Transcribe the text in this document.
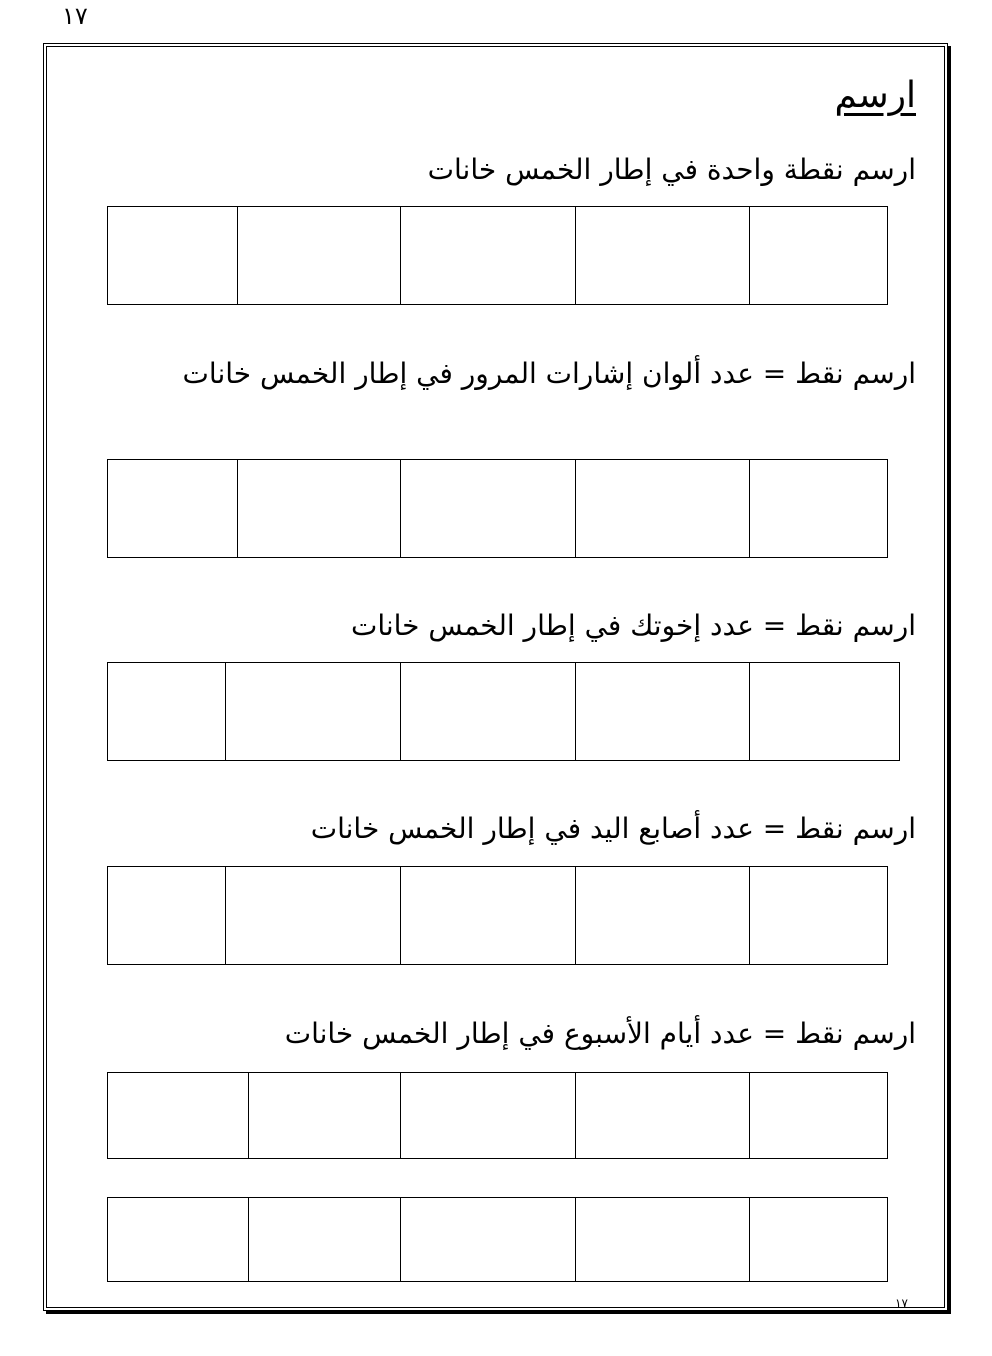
١٧
ارسم
ارسم نقطة واحدة في إطار الخمس خانات
ارسم نقط = عدد ألوان إشارات المرور في إطار الخمس خانات
ارسم نقط = عدد إخوتك في إطار الخمس خانات
ارسم نقط = عدد أصابع اليد في إطار الخمس خانات
ارسم نقط = عدد أيام الأسبوع في إطار الخمس خانات
١٧
